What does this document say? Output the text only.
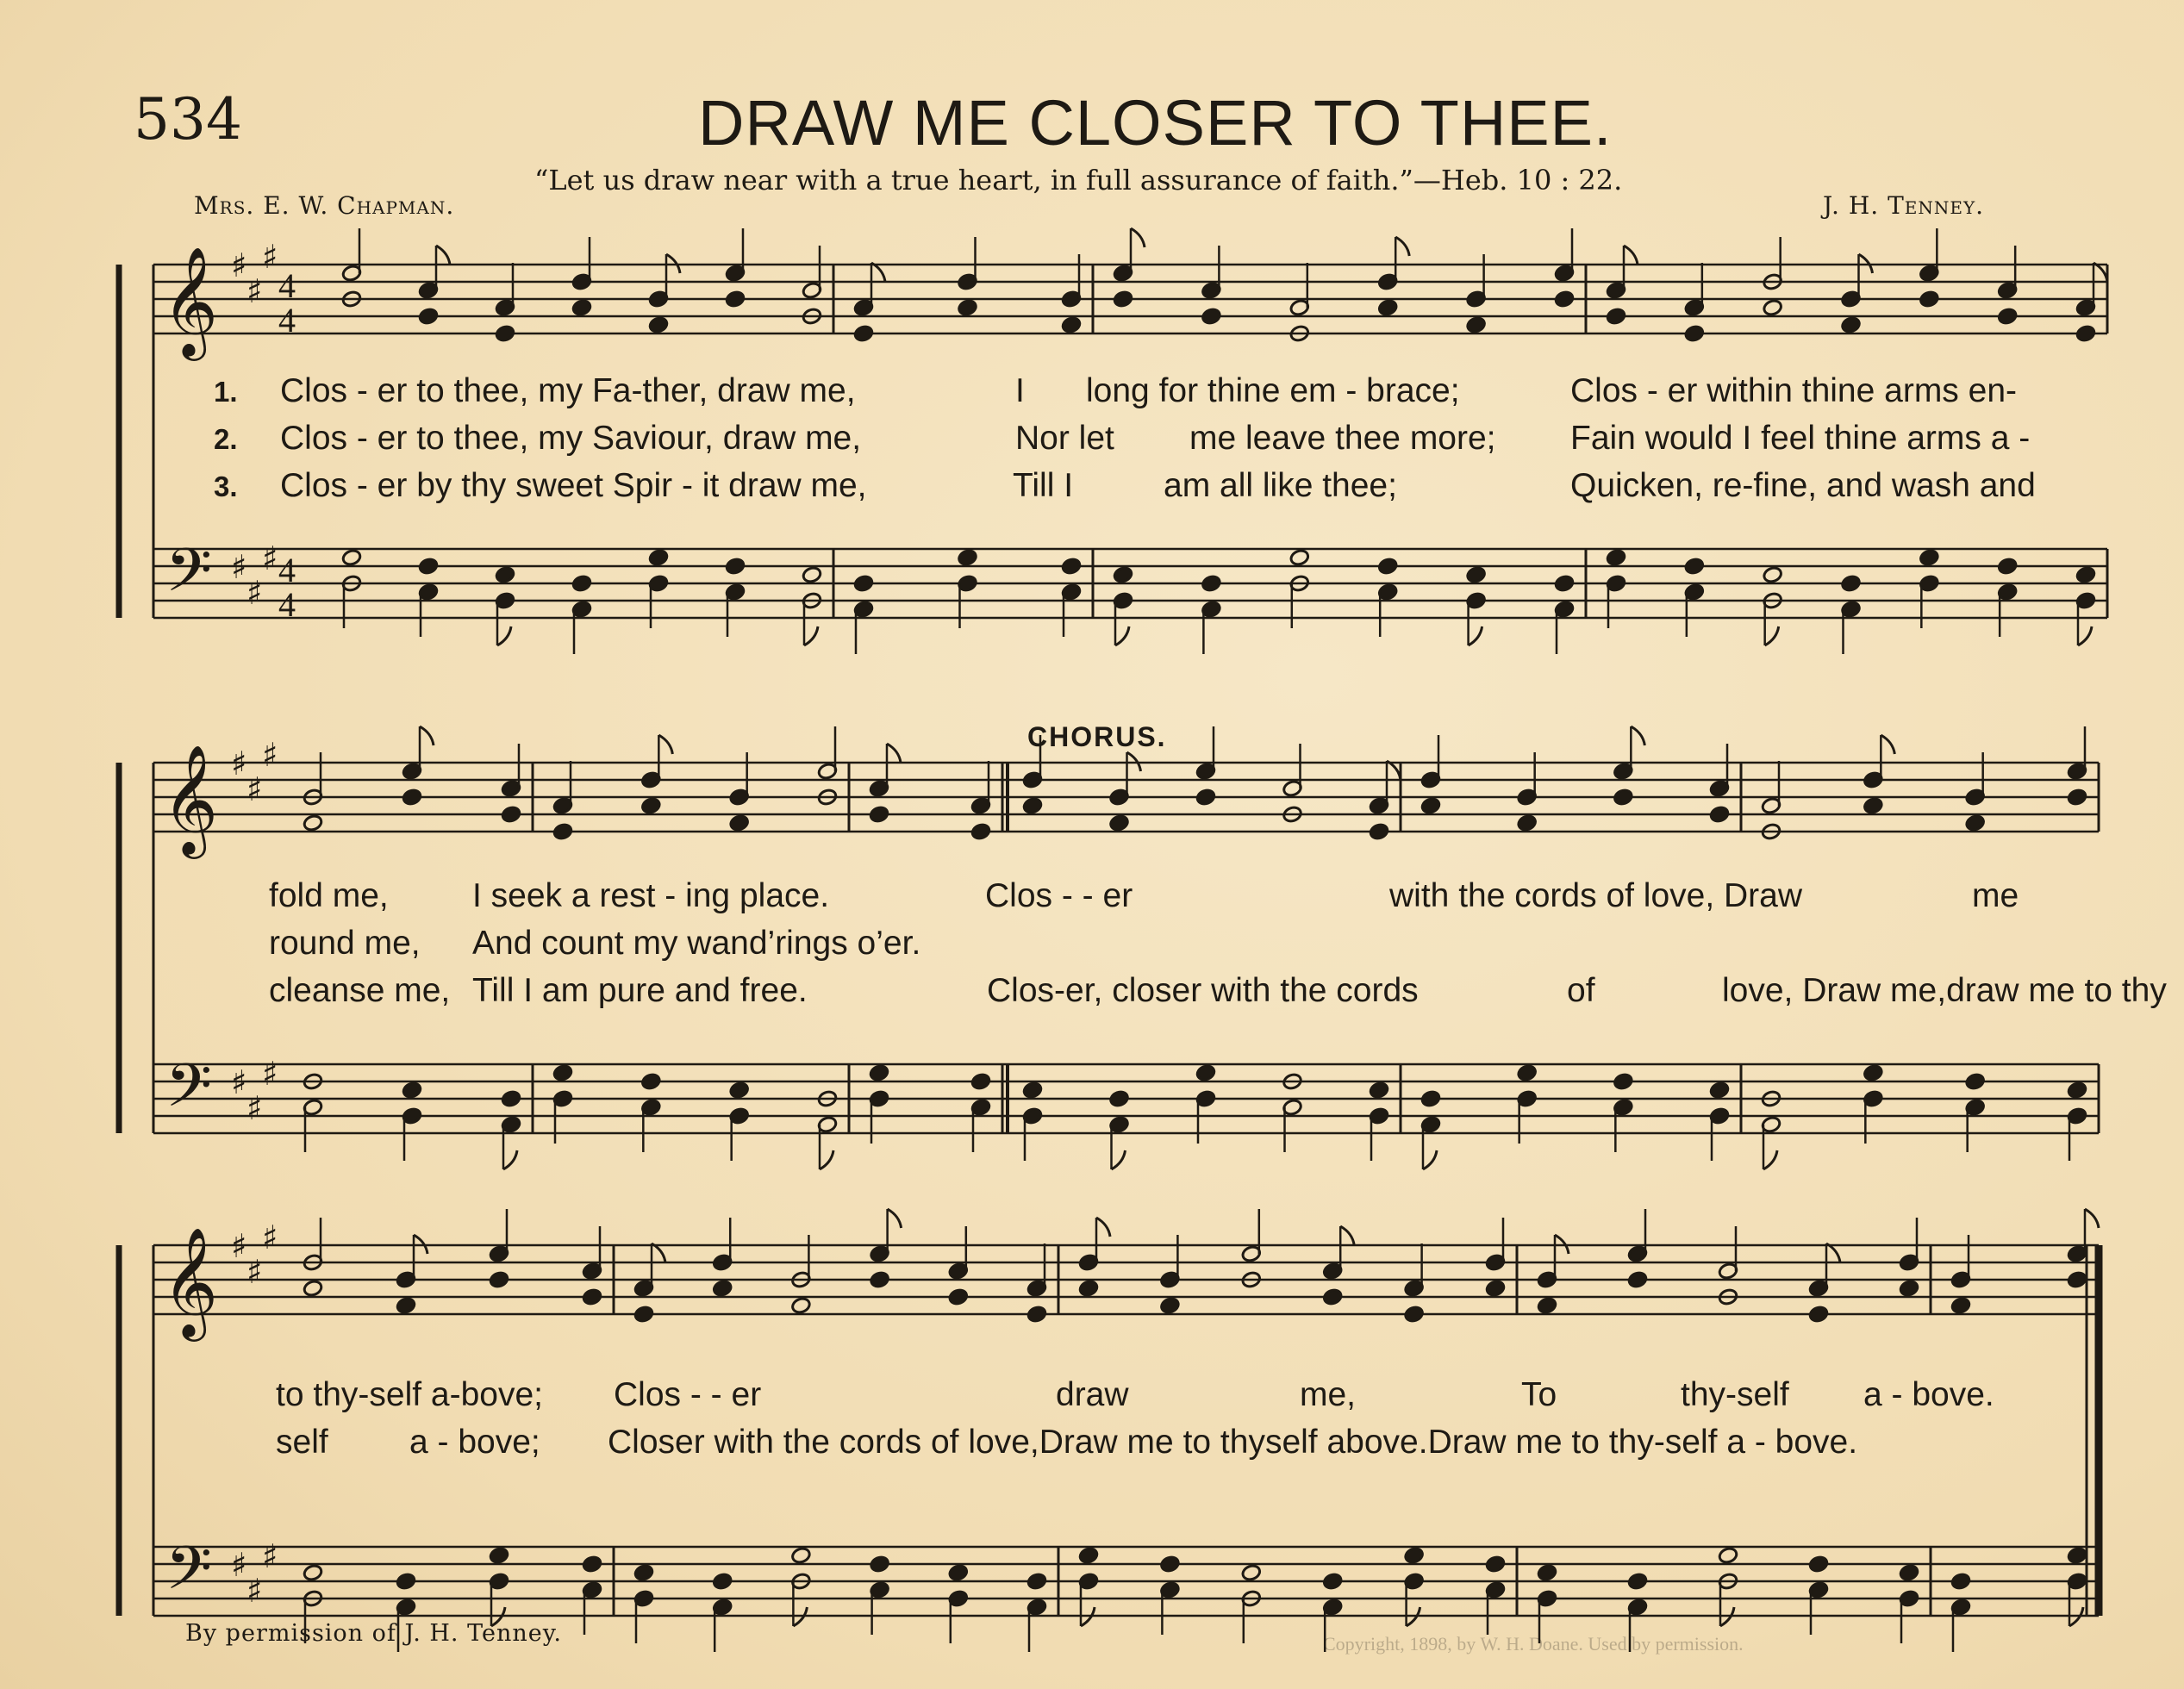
534	DRAW ME CLOSER TO THEE.
“Let us draw near with a true heart, in full assurance of faith.”—Heb. 10 : 22.
Mrs. E. W. Chapman.	J. H. Tenney.
𝄞
𝄢
♯
♯
♯
♯
♯
♯
4
4
4
4
𝄞
𝄢
♯
♯
♯
♯
♯
♯
𝄞
𝄢
♯
♯
♯
♯
♯
♯
1.
2.
3.
Clos - er to thee, my Fa-ther, draw me,	I long for thine em - brace;	Clos - er within thine arms en-
Clos - er to thee, my Saviour, draw me,	Nor let me leave thee more; Fain would I feel thine arms a -
Clos - er by thy sweet Spir - it draw me,	Till I	am all like thee;	Quicken, re-fine, and wash and
CHORUS.
fold me, I seek a rest - ing place.	Clos - - er	with the cords of love, Draw	me
round me, And count my wand’rings o’er.
cleanse me, Till I am pure and free.	Clos-er, closer with the cords	of	love, Draw me,draw me to thy
to thy-self a-bove; Clos - - er	draw	me,	To	thy-self a - bove.
self a - bove; Closer with the cords of love,Draw me to thyself above.Draw me to thy-self a - bove.
By permission of J. H. Tenney.	Copyright, 1898, by W. H. Doane. Used by permission.
